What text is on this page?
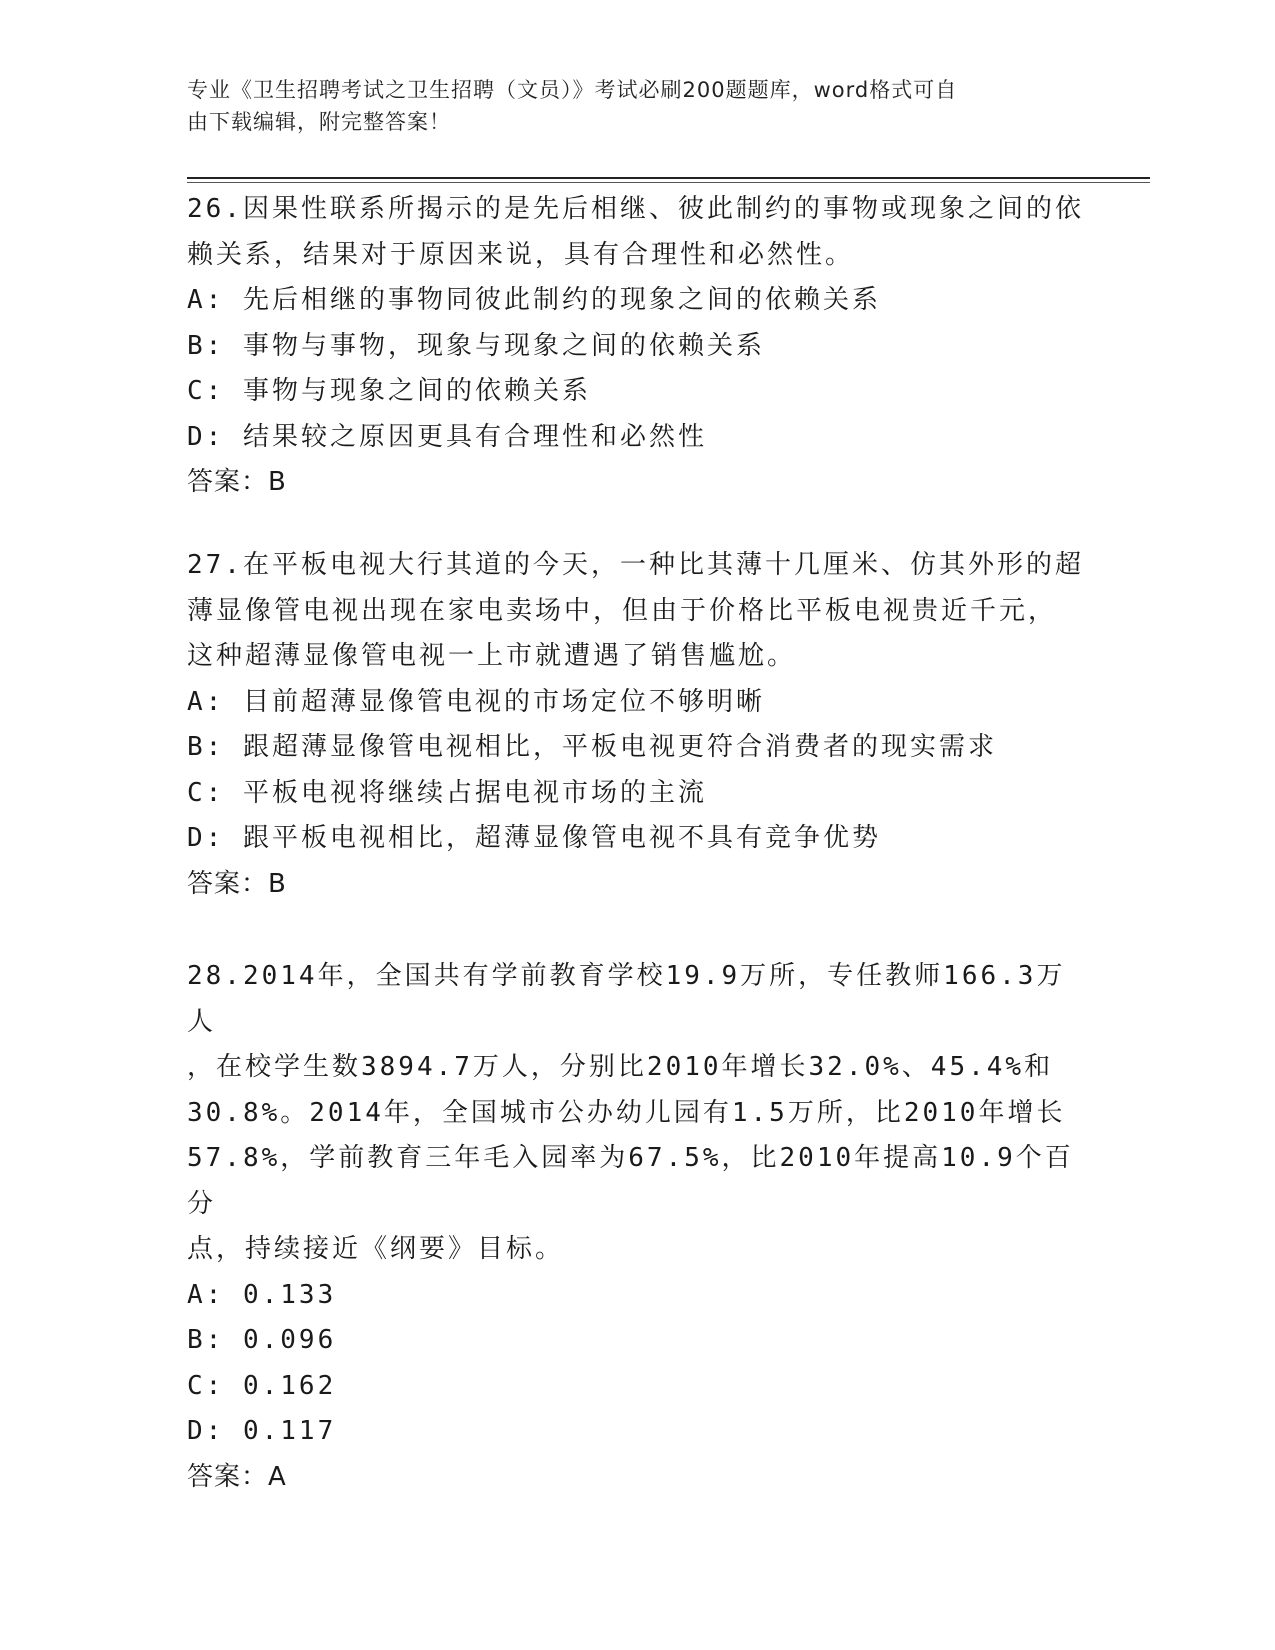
专业《卫生招聘考试之卫生招聘（文员）》考试必刷200题题库，word格式可自
由下载编辑，附完整答案！

26.因果性联系所揭示的是先后相继、彼此制约的事物或现象之间的依

赖关系，结果对于原因来说，具有合理性和必然性。

A: 先后相继的事物同彼此制约的现象之间的依赖关系

B: 事物与事物，现象与现象之间的依赖关系

C: 事物与现象之间的依赖关系

D: 结果较之原因更具有合理性和必然性

答案：B

27.在平板电视大行其道的今天，一种比其薄十几厘米、仿其外形的超

薄显像管电视出现在家电卖场中，但由于价格比平板电视贵近千元，

这种超薄显像管电视一上市就遭遇了销售尴尬。

A: 目前超薄显像管电视的市场定位不够明晰

B: 跟超薄显像管电视相比，平板电视更符合消费者的现实需求

C: 平板电视将继续占据电视市场的主流

D: 跟平板电视相比，超薄显像管电视不具有竞争优势

答案：B

28.2014年，全国共有学前教育学校19.9万所，专任教师166.3万人

，在校学生数3894.7万人，分别比2010年增长32.0%、45.4%和

30.8%。2014年，全国城市公办幼儿园有1.5万所，比2010年增长

57.8%，学前教育三年毛入园率为67.5%，比2010年提高10.9个百分

点，持续接近《纲要》目标。

A: 0.133

B: 0.096

C: 0.162

D: 0.117

答案：A
